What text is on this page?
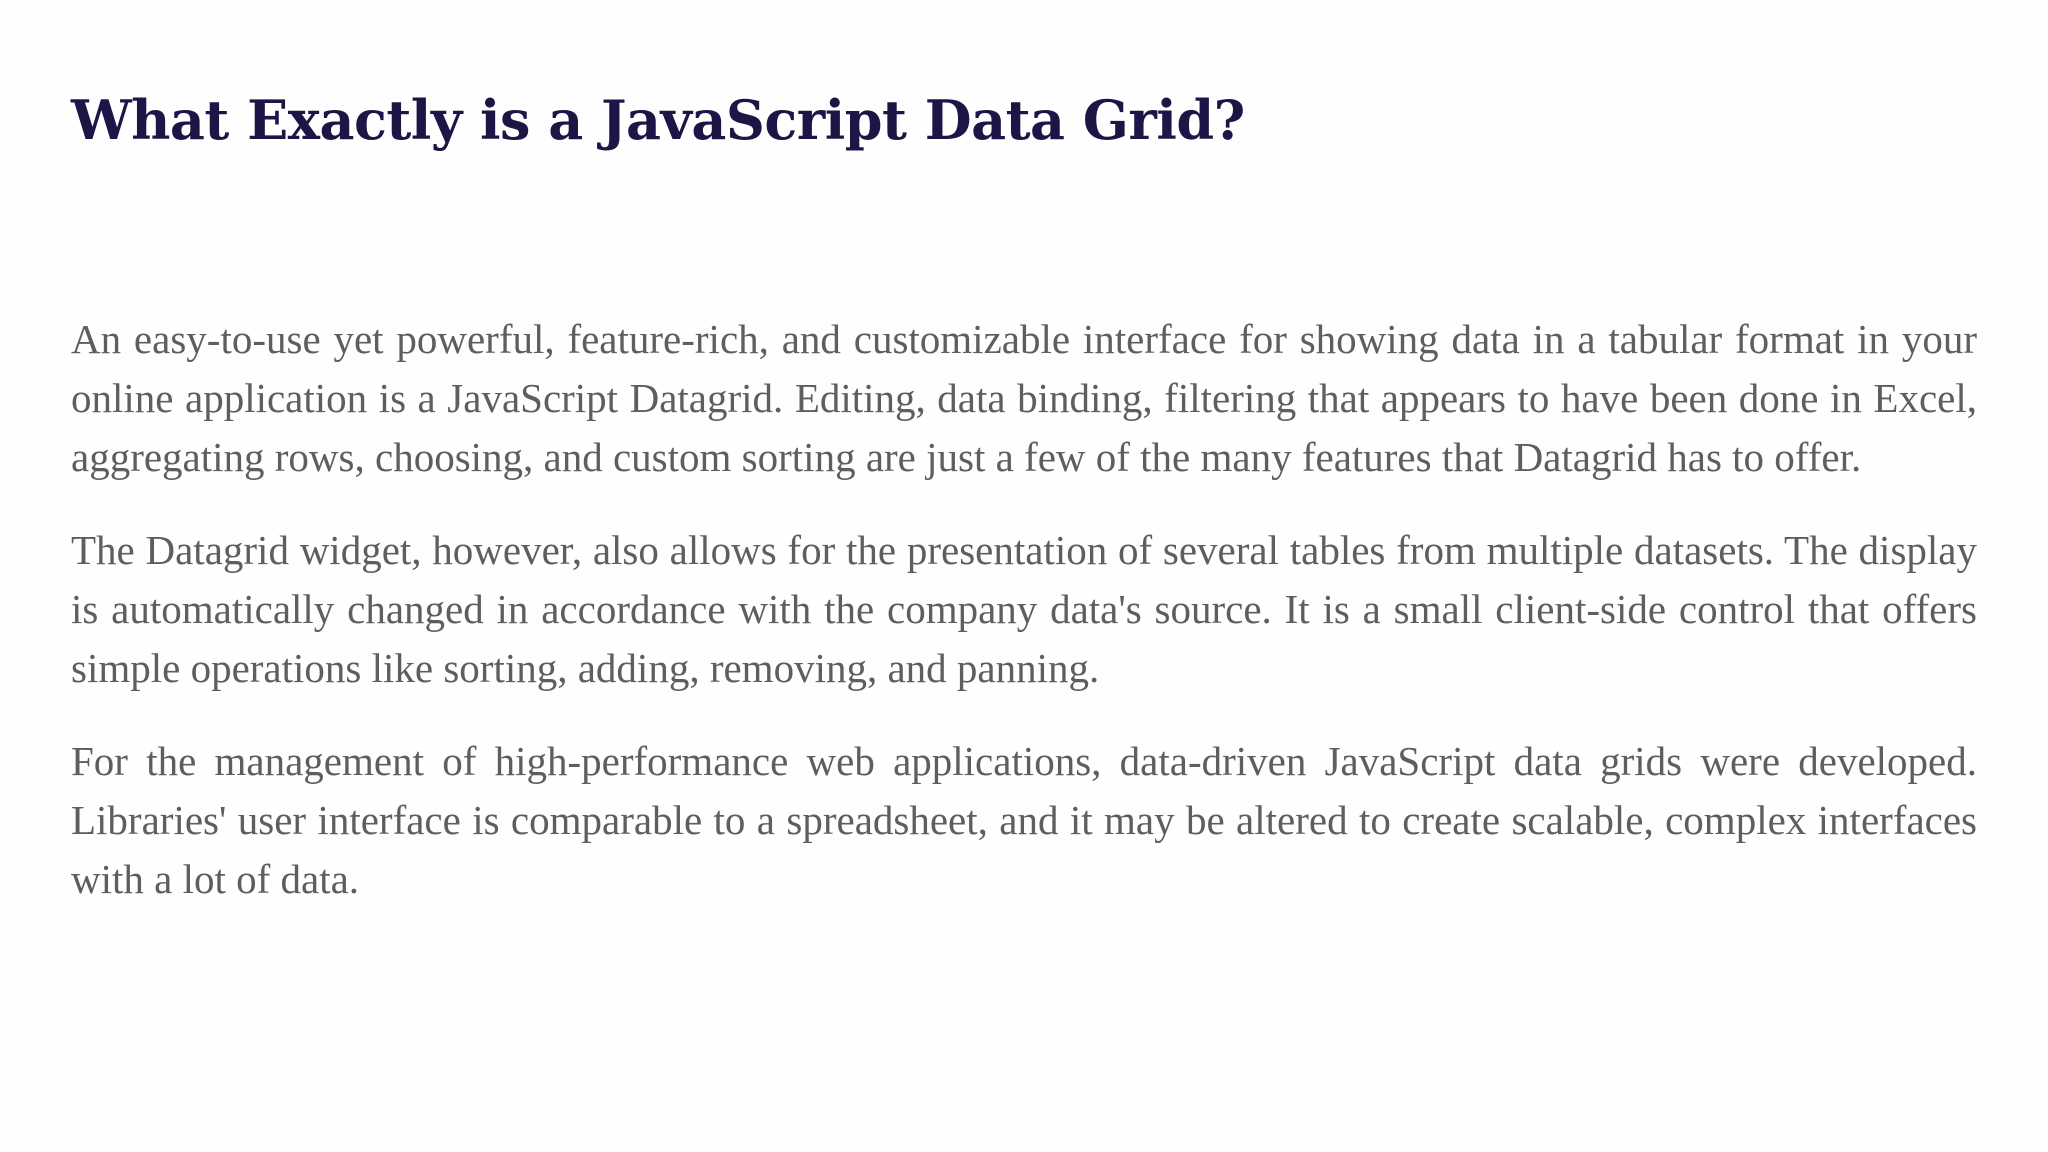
What Exactly is a JavaScript Data Grid?

An easy-to-use yet powerful, feature-rich, and customizable interface for showing data in a tabular format in your online application is a JavaScript Datagrid. Editing, data binding, filtering that appears to have been done in Excel, aggregating rows, choosing, and custom sorting are just a few of the many features that Datagrid has to offer.

The Datagrid widget, however, also allows for the presentation of several tables from multiple datasets. The display is automatically changed in accordance with the company data's source. It is a small client-side control that offers simple operations like sorting, adding, removing, and panning.

For the management of high-performance web applications, data-driven JavaScript data grids were developed. Libraries' user interface is comparable to a spreadsheet, and it may be altered to create scalable, complex interfaces with a lot of data.
